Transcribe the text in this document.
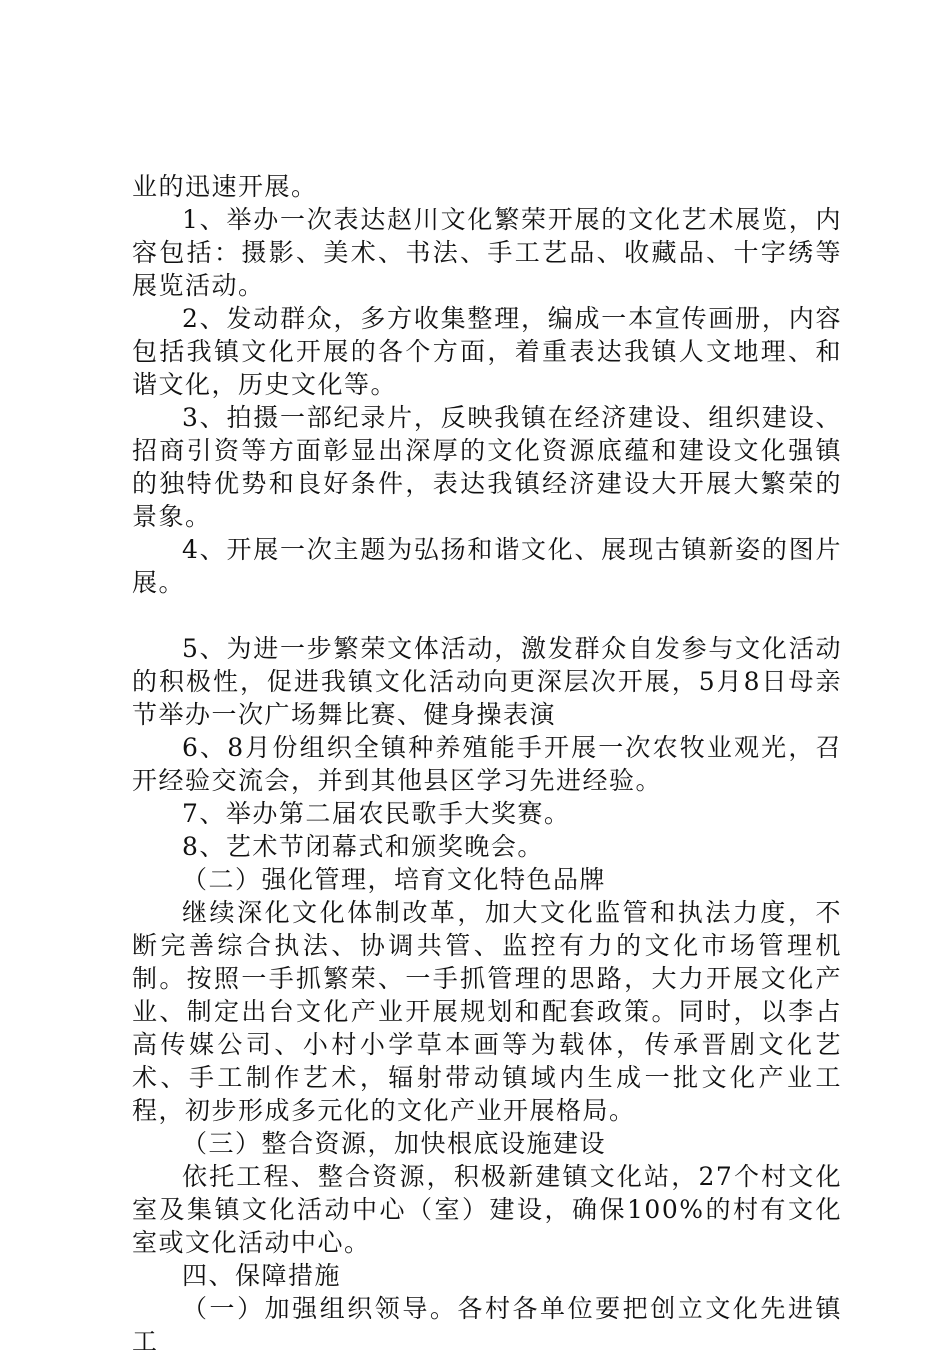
业的迅速开展。

1、举办一次表达赵川文化繁荣开展的文化艺术展览，内容包括：摄影、美术、书法、手工艺品、收藏品、十字绣等展览活动。

2、发动群众，多方收集整理，编成一本宣传画册，内容包括我镇文化开展的各个方面，着重表达我镇人文地理、和谐文化，历史文化等。

3、拍摄一部纪录片，反映我镇在经济建设、组织建设、招商引资等方面彰显出深厚的文化资源底蕴和建设文化强镇的独特优势和良好条件，表达我镇经济建设大开展大繁荣的景象。

4、开展一次主题为弘扬和谐文化、展现古镇新姿的图片展。

5、为进一步繁荣文体活动，激发群众自发参与文化活动的积极性，促进我镇文化活动向更深层次开展，5月8日母亲节举办一次广场舞比赛、健身操表演

6、8月份组织全镇种养殖能手开展一次农牧业观光，召开经验交流会，并到其他县区学习先进经验。

7、举办第二届农民歌手大奖赛。

8、艺术节闭幕式和颁奖晚会。

（二）强化管理，培育文化特色品牌

继续深化文化体制改革，加大文化监管和执法力度，不断完善综合执法、协调共管、监控有力的文化市场管理机制。按照一手抓繁荣、一手抓管理的思路，大力开展文化产业、制定出台文化产业开展规划和配套政策。同时，以李占高传媒公司、小村小学草本画等为载体，传承晋剧文化艺术、手工制作艺术，辐射带动镇域内生成一批文化产业工程，初步形成多元化的文化产业开展格局。

（三）整合资源，加快根底设施建设

依托工程、整合资源，积极新建镇文化站，27个村文化室及集镇文化活动中心（室）建设，确保100%的村有文化室或文化活动中心。

四、保障措施

（一）加强组织领导。各村各单位要把创立文化先进镇工
